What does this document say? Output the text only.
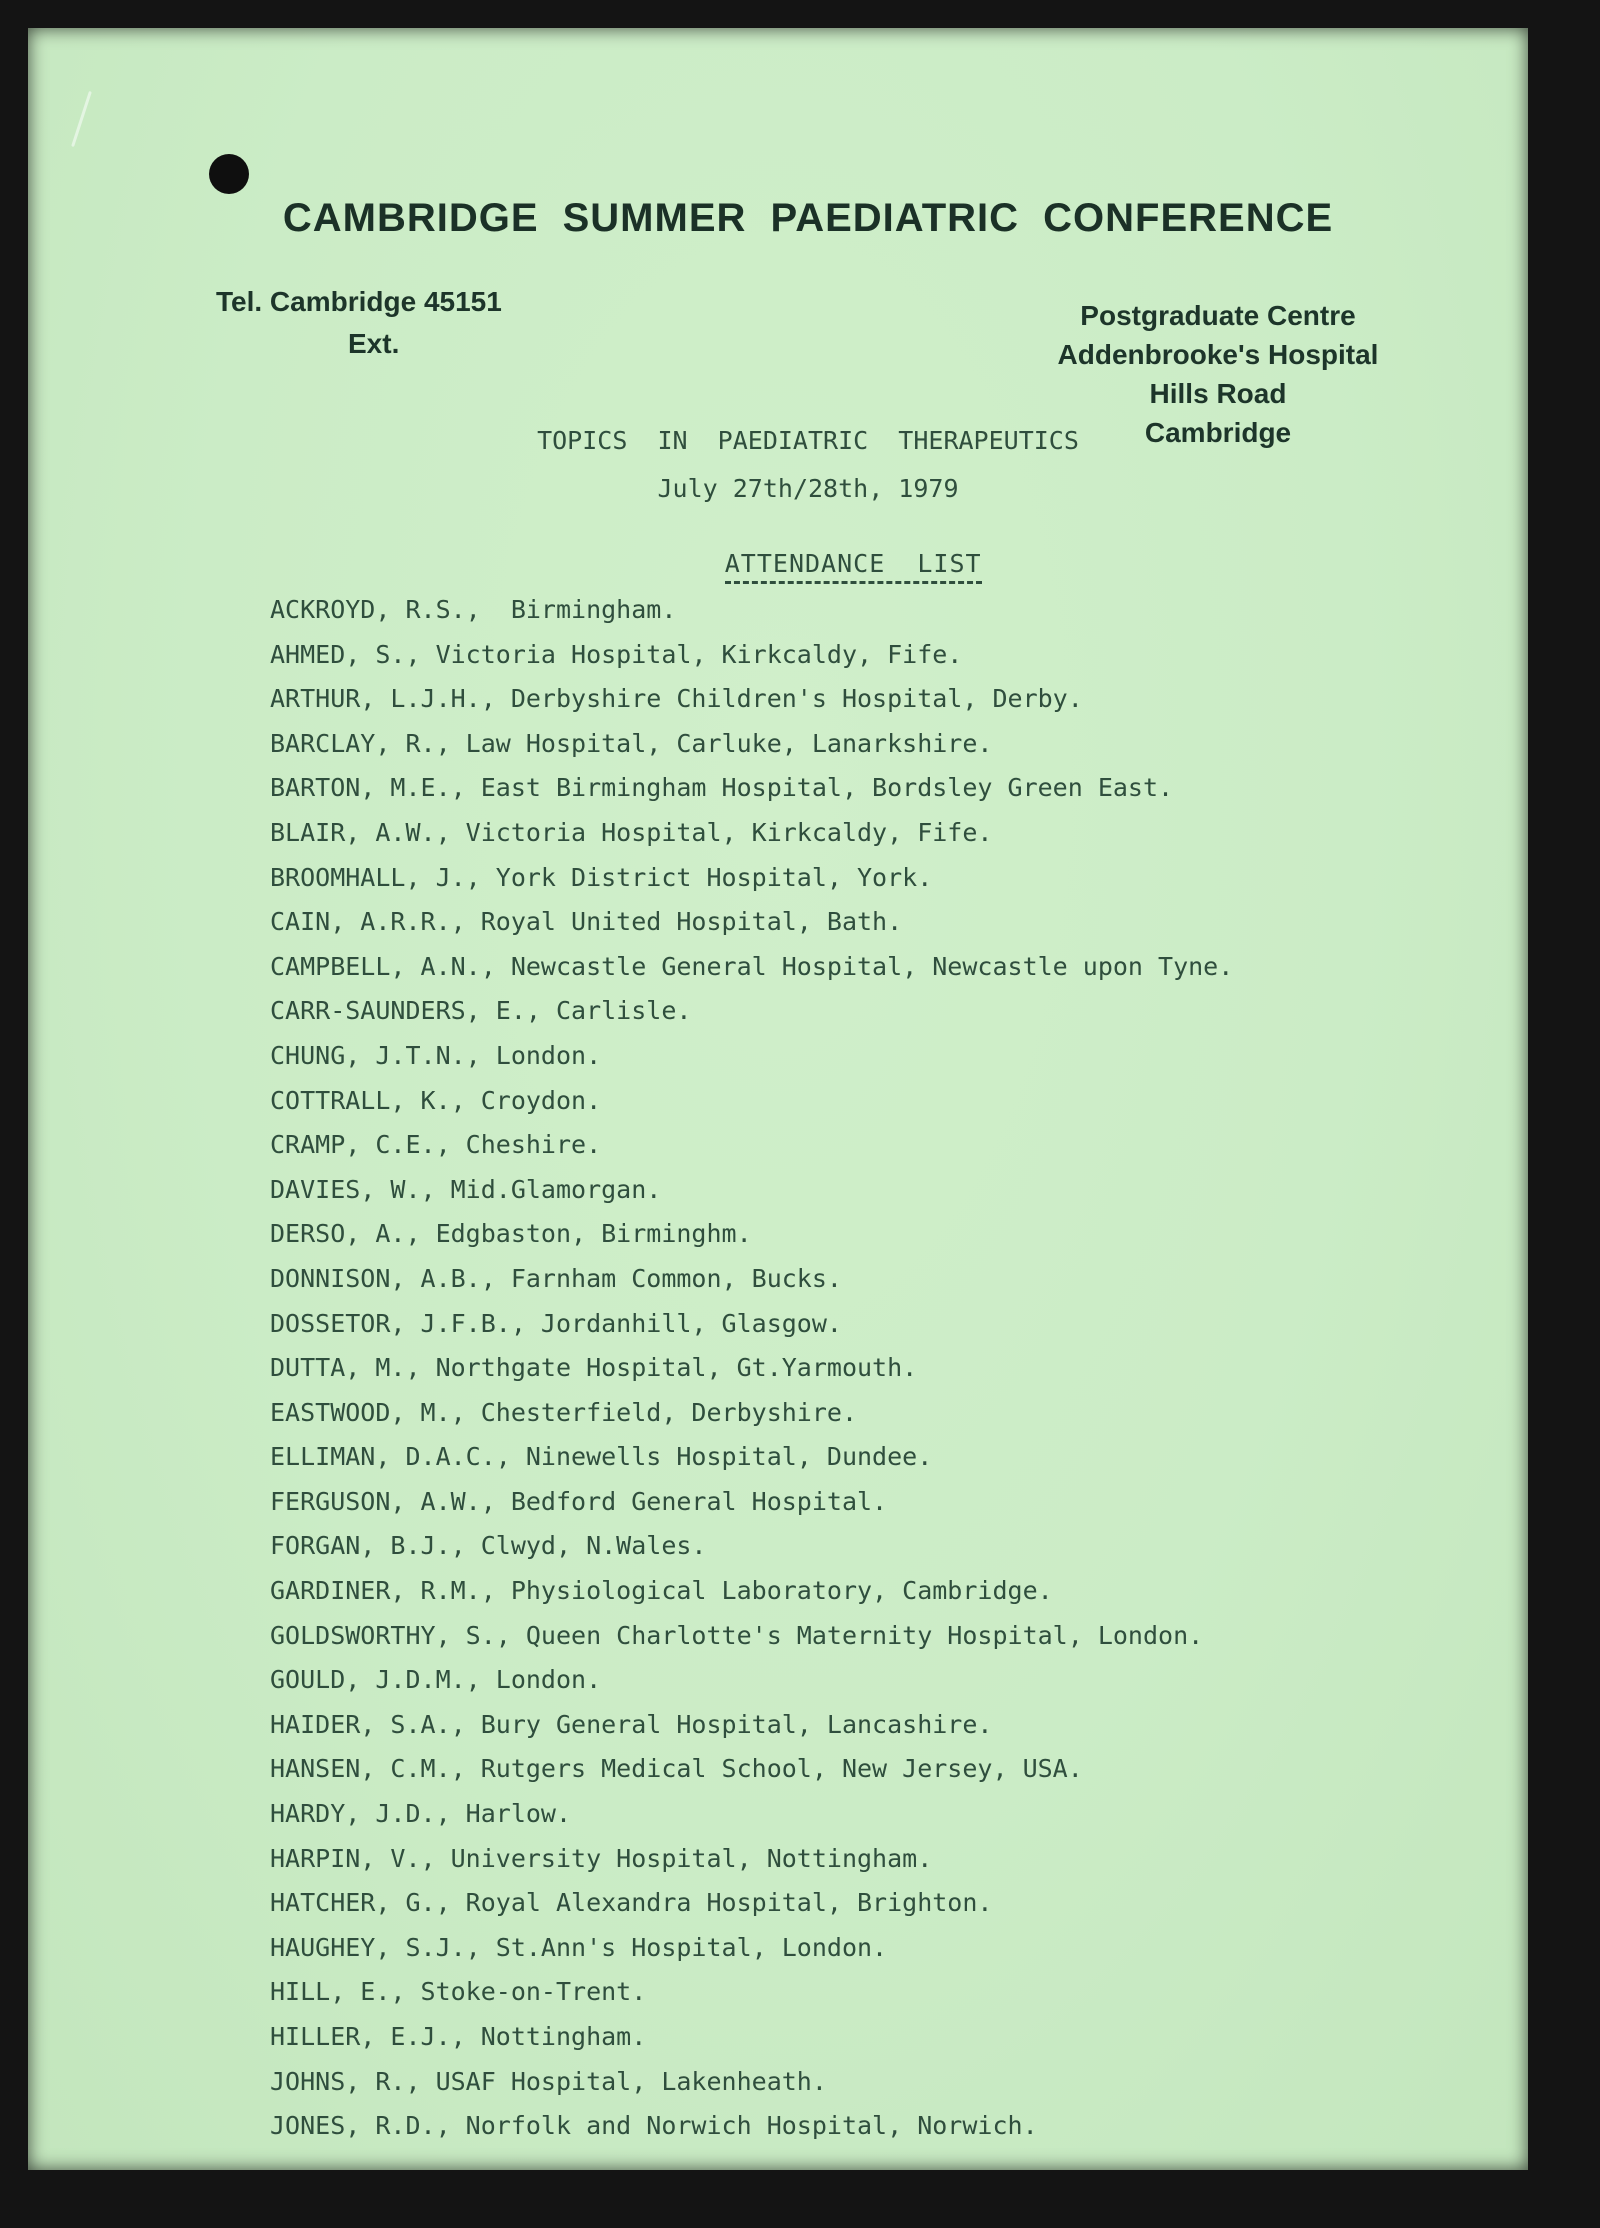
CAMBRIDGE SUMMER PAEDIATRIC CONFERENCE
Tel. Cambridge 45151
Ext.
Postgraduate Centre
Addenbrooke's Hospital
Hills Road
Cambridge
TOPICS  IN  PAEDIATRIC  THERAPEUTICS
July 27th/28th, 1979

ATTENDANCE  LIST

ACKROYD, R.S.,  Birmingham.
AHMED, S., Victoria Hospital, Kirkcaldy, Fife.
ARTHUR, L.J.H., Derbyshire Children's Hospital, Derby.
BARCLAY, R., Law Hospital, Carluke, Lanarkshire.
BARTON, M.E., East Birmingham Hospital, Bordsley Green East.
BLAIR, A.W., Victoria Hospital, Kirkcaldy, Fife.
BROOMHALL, J., York District Hospital, York.
CAIN, A.R.R., Royal United Hospital, Bath.
CAMPBELL, A.N., Newcastle General Hospital, Newcastle upon Tyne.
CARR-SAUNDERS, E., Carlisle.
CHUNG, J.T.N., London.
COTTRALL, K., Croydon.
CRAMP, C.E., Cheshire.
DAVIES, W., Mid.Glamorgan.
DERSO, A., Edgbaston, Birminghm.
DONNISON, A.B., Farnham Common, Bucks.
DOSSETOR, J.F.B., Jordanhill, Glasgow.
DUTTA, M., Northgate Hospital, Gt.Yarmouth.
EASTWOOD, M., Chesterfield, Derbyshire.
ELLIMAN, D.A.C., Ninewells Hospital, Dundee.
FERGUSON, A.W., Bedford General Hospital.
FORGAN, B.J., Clwyd, N.Wales.
GARDINER, R.M., Physiological Laboratory, Cambridge.
GOLDSWORTHY, S., Queen Charlotte's Maternity Hospital, London.
GOULD, J.D.M., London.
HAIDER, S.A., Bury General Hospital, Lancashire.
HANSEN, C.M., Rutgers Medical School, New Jersey, USA.
HARDY, J.D., Harlow.
HARPIN, V., University Hospital, Nottingham.
HATCHER, G., Royal Alexandra Hospital, Brighton.
HAUGHEY, S.J., St.Ann's Hospital, London.
HILL, E., Stoke-on-Trent.
HILLER, E.J., Nottingham.
JOHNS, R., USAF Hospital, Lakenheath.
JONES, R.D., Norfolk and Norwich Hospital, Norwich.
